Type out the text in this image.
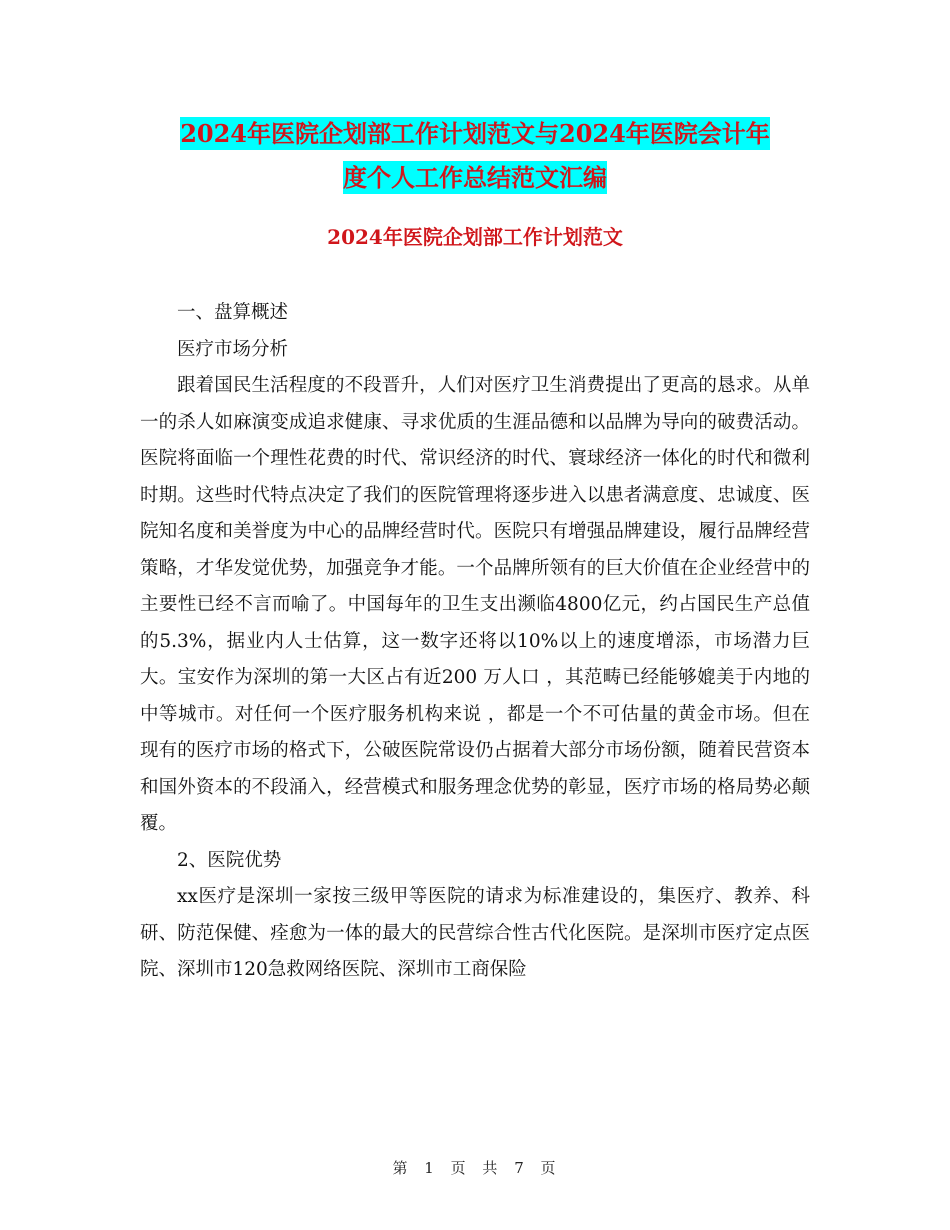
2024年医院企划部工作计划范文与2024年医院会计年
度个人工作总结范文汇编
2024年医院企划部工作计划范文

一、盘算概述

医疗市场分析

跟着国民生活程度的不段晋升，人们对医疗卫生消费提出了更高的恳求。从单一的杀人如麻演变成追求健康、寻求优质的生涯品德和以品牌为导向的破费活动。医院将面临一个理性花费的时代、常识经济的时代、寰球经济一体化的时代和微利时期。这些时代特点决定了我们的医院管理将逐步进入以患者满意度、忠诚度、医院知名度和美誉度为中心的品牌经营时代。医院只有增强品牌建设，履行品牌经营策略，才华发觉优势，加强竞争才能。一个品牌所领有的巨大价值在企业经营中的主要性已经不言而喻了。中国每年的卫生支出濒临4800亿元，约占国民生产总值的5.3%，据业内人士估算，这一数字还将以10%以上的速度增添，市场潜力巨大。宝安作为深圳的第一大区占有近200 万人口 ，其范畴已经能够媲美于内地的中等城市。对任何一个医疗服务机构来说 ，都是一个不可估量的黄金市场。但在现有的医疗市场的格式下，公破医院常设仍占据着大部分市场份额，随着民营资本和国外资本的不段涌入，经营模式和服务理念优势的彰显，医疗市场的格局势必颠覆。

2、医院优势

xx医疗是深圳一家按三级甲等医院的请求为标准建设的，集医疗、教养、科研、防范保健、痊愈为一体的最大的民营综合性古代化医院。是深圳市医疗定点医院、深圳市120急救网络医院、深圳市工商保险

第 1 页 共 7 页
